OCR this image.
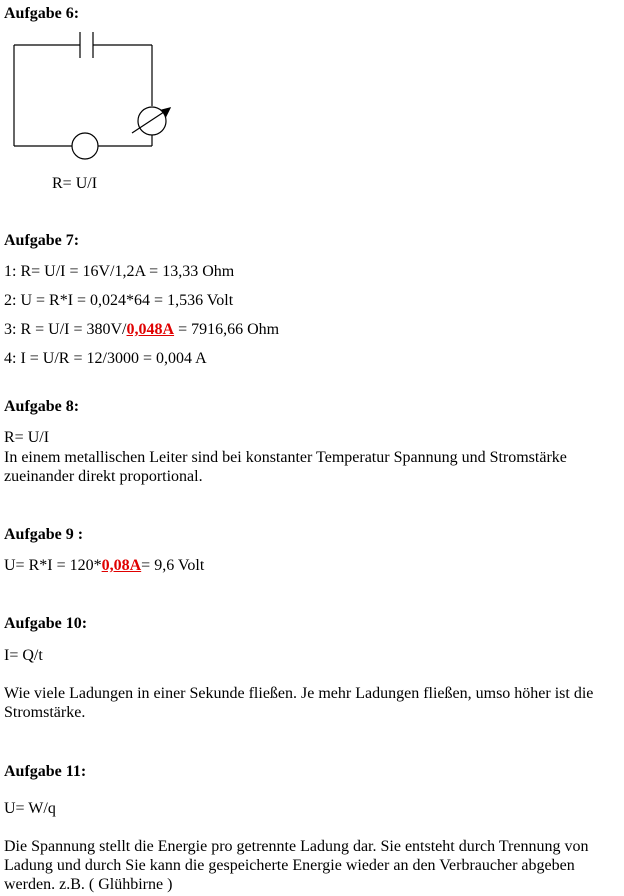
Aufgabe 6:
R= U/I
Aufgabe 7:
1: R= U/I = 16V/1,2A = 13,33 Ohm
2: U = R*I = 0,024*64 = 1,536 Volt
3: R = U/I = 380V/0,048A = 7916,66 Ohm
4: I = U/R = 12/3000 = 0,004 A
Aufgabe 8:
R= U/I
In einem metallischen Leiter sind bei konstanter Temperatur Spannung und Stromstärke zueinander direkt proportional.
Aufgabe 9 :
U= R*I = 120*0,08A= 9,6 Volt
Aufgabe 10:
I= Q/t
Wie viele Ladungen in einer Sekunde fließen. Je mehr Ladungen fließen, umso höher ist die Stromstärke.
Aufgabe 11:
U= W/q
Die Spannung stellt die Energie pro getrennte Ladung dar. Sie entsteht durch Trennung von Ladung und durch Sie kann die gespeicherte Energie wieder an den Verbraucher abgeben werden. z.B. ( Glühbirne )
